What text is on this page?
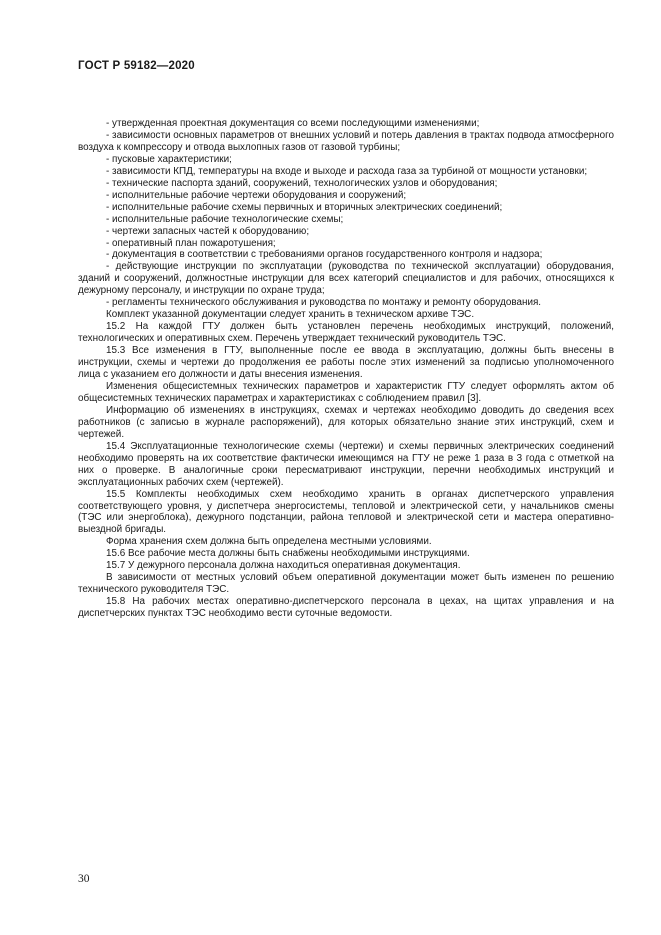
ГОСТ Р 59182—2020

- утвержденная проектная документация со всеми последующими изменениями;

- зависимости основных параметров от внешних условий и потерь давления в трактах подвода атмосферного воздуха к компрессору и отвода выхлопных газов от газовой турбины;

- пусковые характеристики;

- зависимости КПД, температуры на входе и выходе и расхода газа за турбиной от мощности установки;

- технические паспорта зданий, сооружений, технологических узлов и оборудования;

- исполнительные рабочие чертежи оборудования и сооружений;

- исполнительные рабочие схемы первичных и вторичных электрических соединений;

- исполнительные рабочие технологические схемы;

- чертежи запасных частей к оборудованию;

- оперативный план пожаротушения;

- документация в соответствии с требованиями органов государственного контроля и надзора;

- действующие инструкции по эксплуатации (руководства по технической эксплуатации) оборудования, зданий и сооружений, должностные инструкции для всех категорий специалистов и для рабочих, относящихся к дежурному персоналу, и инструкции по охране труда;

- регламенты технического обслуживания и руководства по монтажу и ремонту оборудования.

Комплект указанной документации следует хранить в техническом архиве ТЭС.

15.2 На каждой ГТУ должен быть установлен перечень необходимых инструкций, положений, технологических и оперативных схем. Перечень утверждает технический руководитель ТЭС.

15.3 Все изменения в ГТУ, выполненные после ее ввода в эксплуатацию, должны быть внесены в инструкции, схемы и чертежи до продолжения ее работы после этих изменений за подписью уполномоченного лица с указанием его должности и даты внесения изменения.

Изменения общесистемных технических параметров и характеристик ГТУ следует оформлять актом об общесистемных технических параметрах и характеристиках с соблюдением правил [3].

Информацию об изменениях в инструкциях, схемах и чертежах необходимо доводить до сведения всех работников (с записью в журнале распоряжений), для которых обязательно знание этих инструкций, схем и чертежей.

15.4 Эксплуатационные технологические схемы (чертежи) и схемы первичных электрических соединений необходимо проверять на их соответствие фактически имеющимся на ГТУ не реже 1 раза в 3 года с отметкой на них о проверке. В аналогичные сроки пересматривают инструкции, перечни необходимых инструкций и эксплуатационных рабочих схем (чертежей).

15.5 Комплекты необходимых схем необходимо хранить в органах диспетчерского управления соответствующего уровня, у диспетчера энергосистемы, тепловой и электрической сети, у начальников смены (ТЭС или энергоблока), дежурного подстанции, района тепловой и электрической сети и мастера оперативно-выездной бригады.

Форма хранения схем должна быть определена местными условиями.

15.6 Все рабочие места должны быть снабжены необходимыми инструкциями.

15.7 У дежурного персонала должна находиться оперативная документация.

В зависимости от местных условий объем оперативной документации может быть изменен по решению технического руководителя ТЭС.

15.8 На рабочих местах оперативно-диспетчерского персонала в цехах, на щитах управления и на диспетчерских пунктах ТЭС необходимо вести суточные ведомости.

30
